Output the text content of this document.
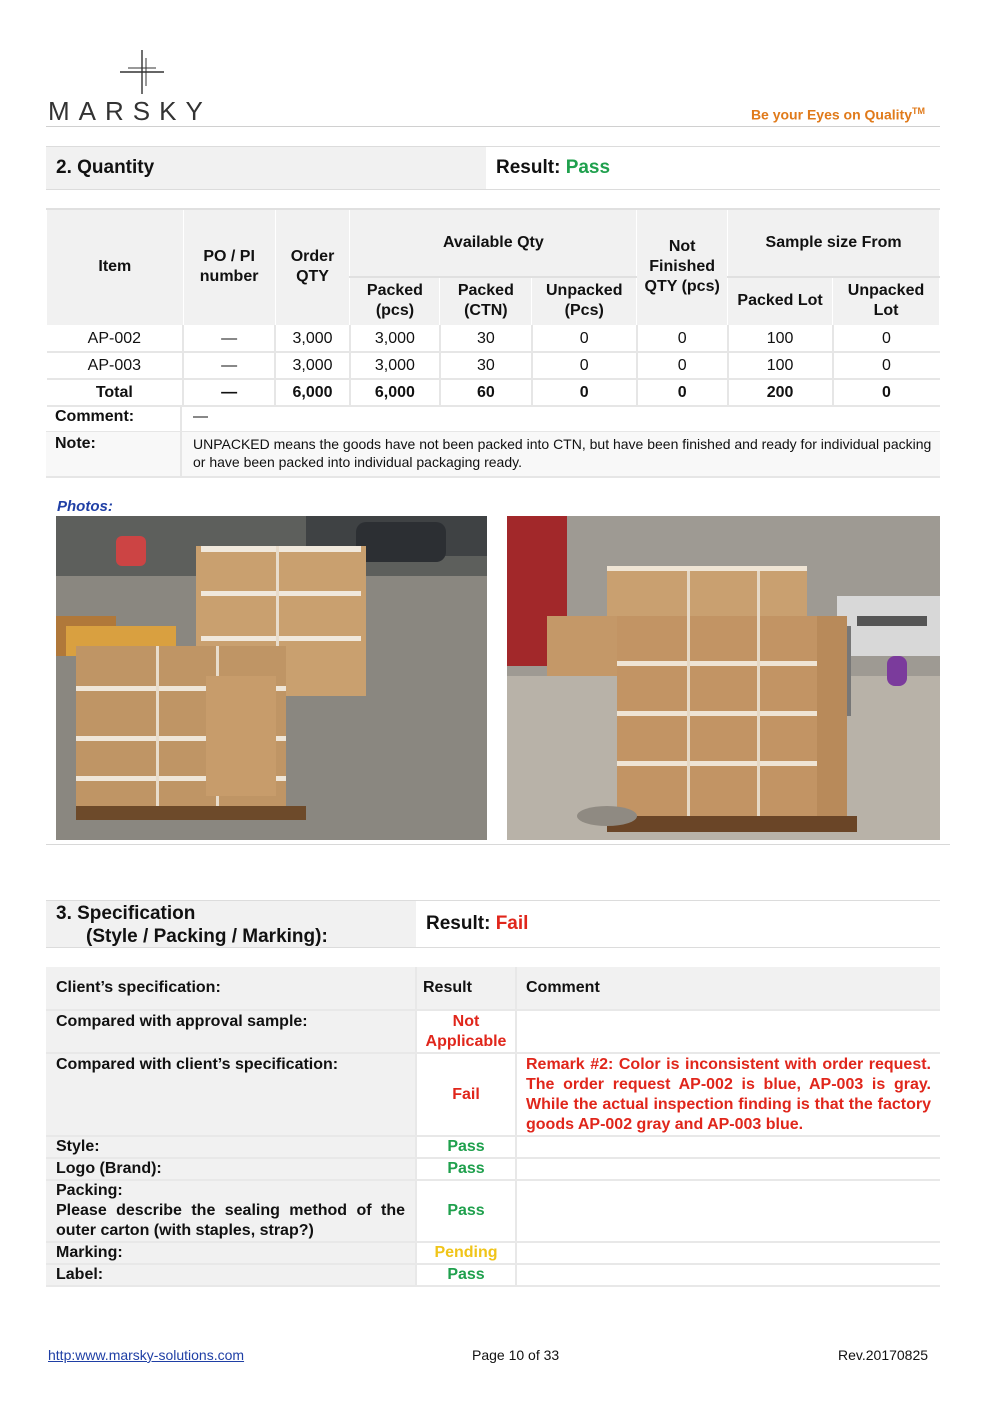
MARSKY	Be your Eyes on Quality™
2. Quantity	Result: Pass
Item	PO / PI number	Order QTY	Available Qty			Not Finished QTY (pcs)	Sample size From	
			Packed (pcs)	Packed (CTN)	Unpacked (Pcs)		Packed Lot	Unpacked Lot
AP-002	—	3,000	3,000	30	0	0	100	0
AP-003	—	3,000	3,000	30	0	0	100	0
Total	—	6,000	6,000	60	0	0	200	0
Comment:	—
Note:	UNPACKED means the goods have not been packed into CTN, but have been finished and ready for individual packing or have been packed into individual packaging ready.
Photos:
3. Specification
(Style / Packing / Marking):
Result: Fail
Client’s specification:	Result	Comment
Compared with approval sample:	Not Applicable	
Compared with client’s specification:	Fail	Remark #2: Color is inconsistent with order request. The order request AP-002 is blue, AP-003 is gray. While the actual inspection finding is that the factory goods AP-002 gray and AP-003 blue.
Style:	Pass	
Logo (Brand):	Pass	

Packing:
Please describe the sealing method of the outer carton (with staples, strap?)	Pass	
Marking:	Pending	
Label:	Pass	
http:www.marsky-solutions.com	Page 10 of 33	Rev.20170825
